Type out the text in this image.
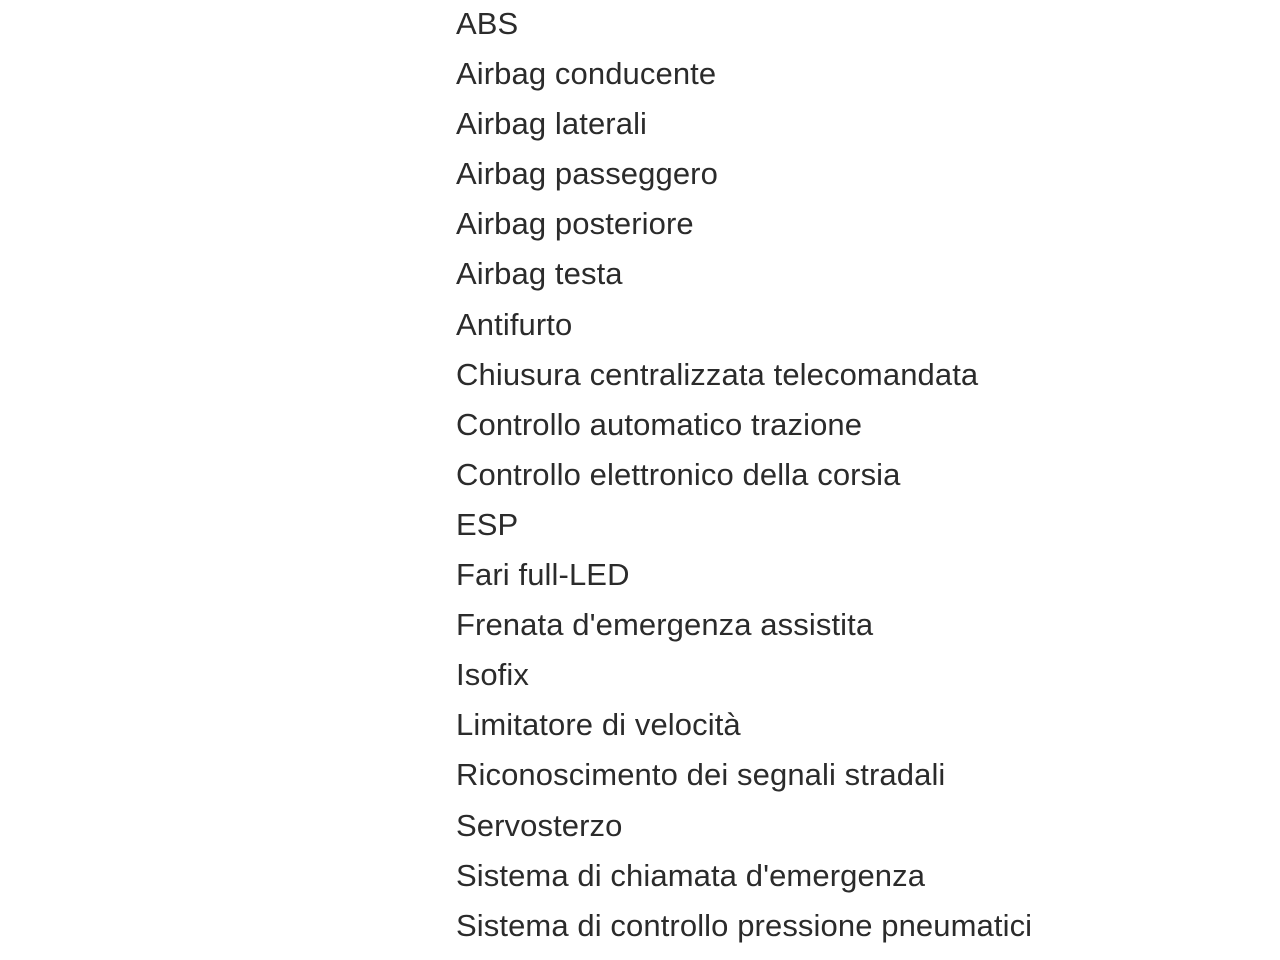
ABS
Airbag conducente
Airbag laterali
Airbag passeggero
Airbag posteriore
Airbag testa
Antifurto
Chiusura centralizzata telecomandata
Controllo automatico trazione
Controllo elettronico della corsia
ESP
Fari full-LED
Frenata d'emergenza assistita
Isofix
Limitatore di velocità
Riconoscimento dei segnali stradali
Servosterzo
Sistema di chiamata d'emergenza
Sistema di controllo pressione pneumatici
